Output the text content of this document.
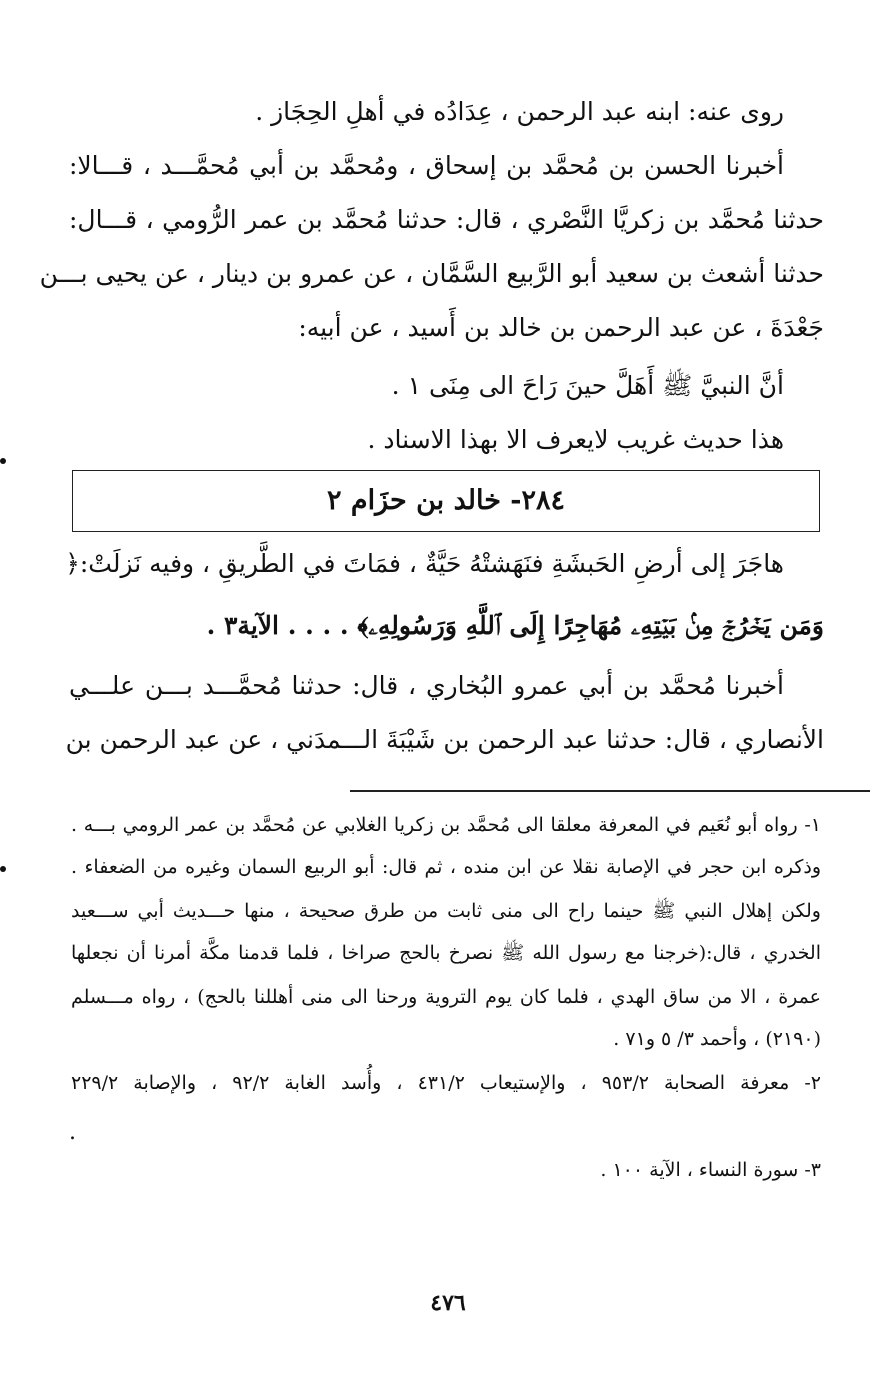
روى عنه: ابنه عبد الرحمن ، عِدَادُه في أهلِ الحِجَاز .
أخبرنا الحسن بن مُحمَّد بن إسحاق ، ومُحمَّد بن أبي مُحمَّـــد ، قـــالا:
حدثنا مُحمَّد بن زكريَّا النَّصْري ، قال: حدثنا مُحمَّد بن عمر الرُّومي ، قـــال:
حدثنا أشعث بن سعيد أبو الرَّبيع السَّمَّان ، عن عمرو بن دينار ، عن يحيى بـــن
جَعْدَةَ ، عن عبد الرحمن بن خالد بن أَسيد ، عن أبيه:
أنَّ النبيَّ ﷺ أَهَلَّ حينَ رَاحَ الى مِنَى ١ .
هذا حديث غريب لايعرف الا بهذا الاسناد .
٢٨٤- خالد بن حزَام ٢
هاجَرَ إلى أرضِ الحَبشَةِ فنَهَشتْهُ حَيَّةٌ ، فمَاتَ في الطَّريقِ ، وفيه نَزلَتْ:﴿
وَمَن يَخۡرُجۡ مِنۢ بَيۡتِهِۦ مُهَاجِرًا إِلَى ٱللَّهِ وَرَسُولِهِۦ﴾ . . . . الآية٣ .
أخبرنا مُحمَّد بن أبي عمرو البُخاري ، قال: حدثنا مُحمَّـــد بـــن علـــي
الأنصاري ، قال: حدثنا عبد الرحمن بن شَيْبَةَ الـــمدَني ، عن عبد الرحمن بن
١- رواه أبو نُعَيم في المعرفة معلقا الى مُحمَّد بن زكريا الغلابي عن مُحمَّد بن عمر الرومي بـــه .
وذكره ابن حجر في الإصابة نقلا عن ابن منده ، ثم قال: أبو الربيع السمان وغيره من الضعفاء .
ولكن إهلال النبي ﷺ حينما راح الى منى ثابت من طرق صحيحة ، منها حـــديث أبي ســـعيد
الخدري ، قال:(خرجنا مع رسول الله ﷺ نصرخ بالحج صراخا ، فلما قدمنا مكَّة أمرنا أن نجعلها
عمرة ، الا من ساق الهدي ، فلما كان يوم التروية ورحنا الى منى أهللنا بالحج) ، رواه مـــسلم
(٢١٩٠) ، وأحمد ٣/ ٥ و٧١ .
٢- معرفة الصحابة ٩٥٣/٢ ، والإستيعاب ٤٣١/٢ ، وأُسد الغابة ٩٢/٢ ، والإصابة ٢٢٩/٢
.
٣- سورة النساء ، الآية ١٠٠ .
٤٧٦
